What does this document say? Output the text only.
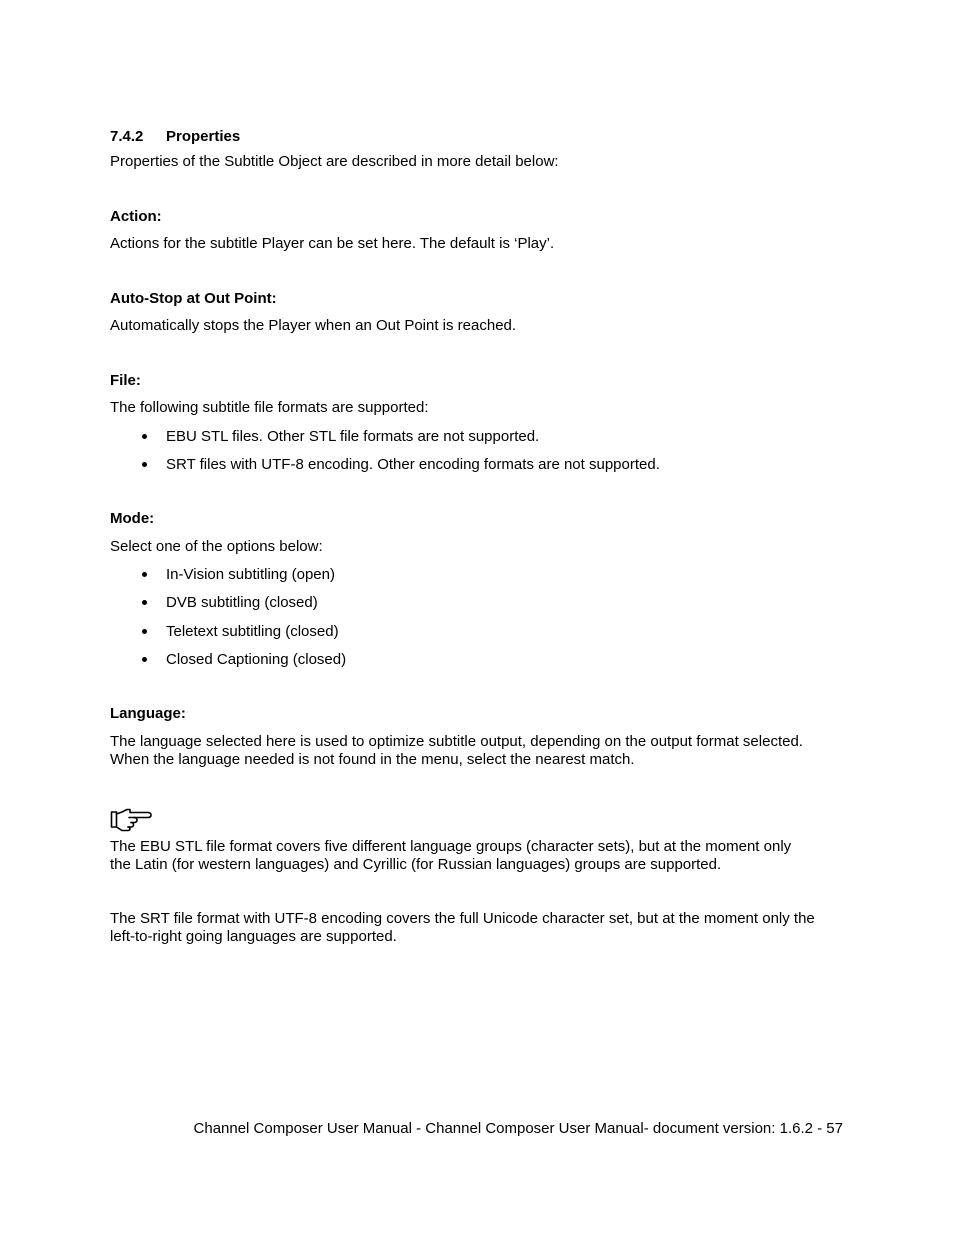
7.4.2 Properties
Properties of the Subtitle Object are described in more detail below:
Action:
Actions for the subtitle Player can be set here. The default is ‘Play’.
Auto-Stop at Out Point:
Automatically stops the Player when an Out Point is reached.
File:
The following subtitle file formats are supported:
EBU STL files. Other STL file formats are not supported.
SRT files with UTF-8 encoding. Other encoding formats are not supported.
Mode:
Select one of the options below:
In-Vision subtitling (open)
DVB subtitling (closed)
Teletext subtitling (closed)
Closed Captioning (closed)
Language:
The language selected here is used to optimize subtitle output, depending on the output format selected.
When the language needed is not found in the menu, select the nearest match.
The EBU STL file format covers five different language groups (character sets), but at the moment only
the Latin (for western languages) and Cyrillic (for Russian languages) groups are supported.
The SRT file format with UTF-8 encoding covers the full Unicode character set, but at the moment only the
left-to-right going languages are supported.
Channel Composer User Manual - Channel Composer User Manual- document version: 1.6.2 - 57
